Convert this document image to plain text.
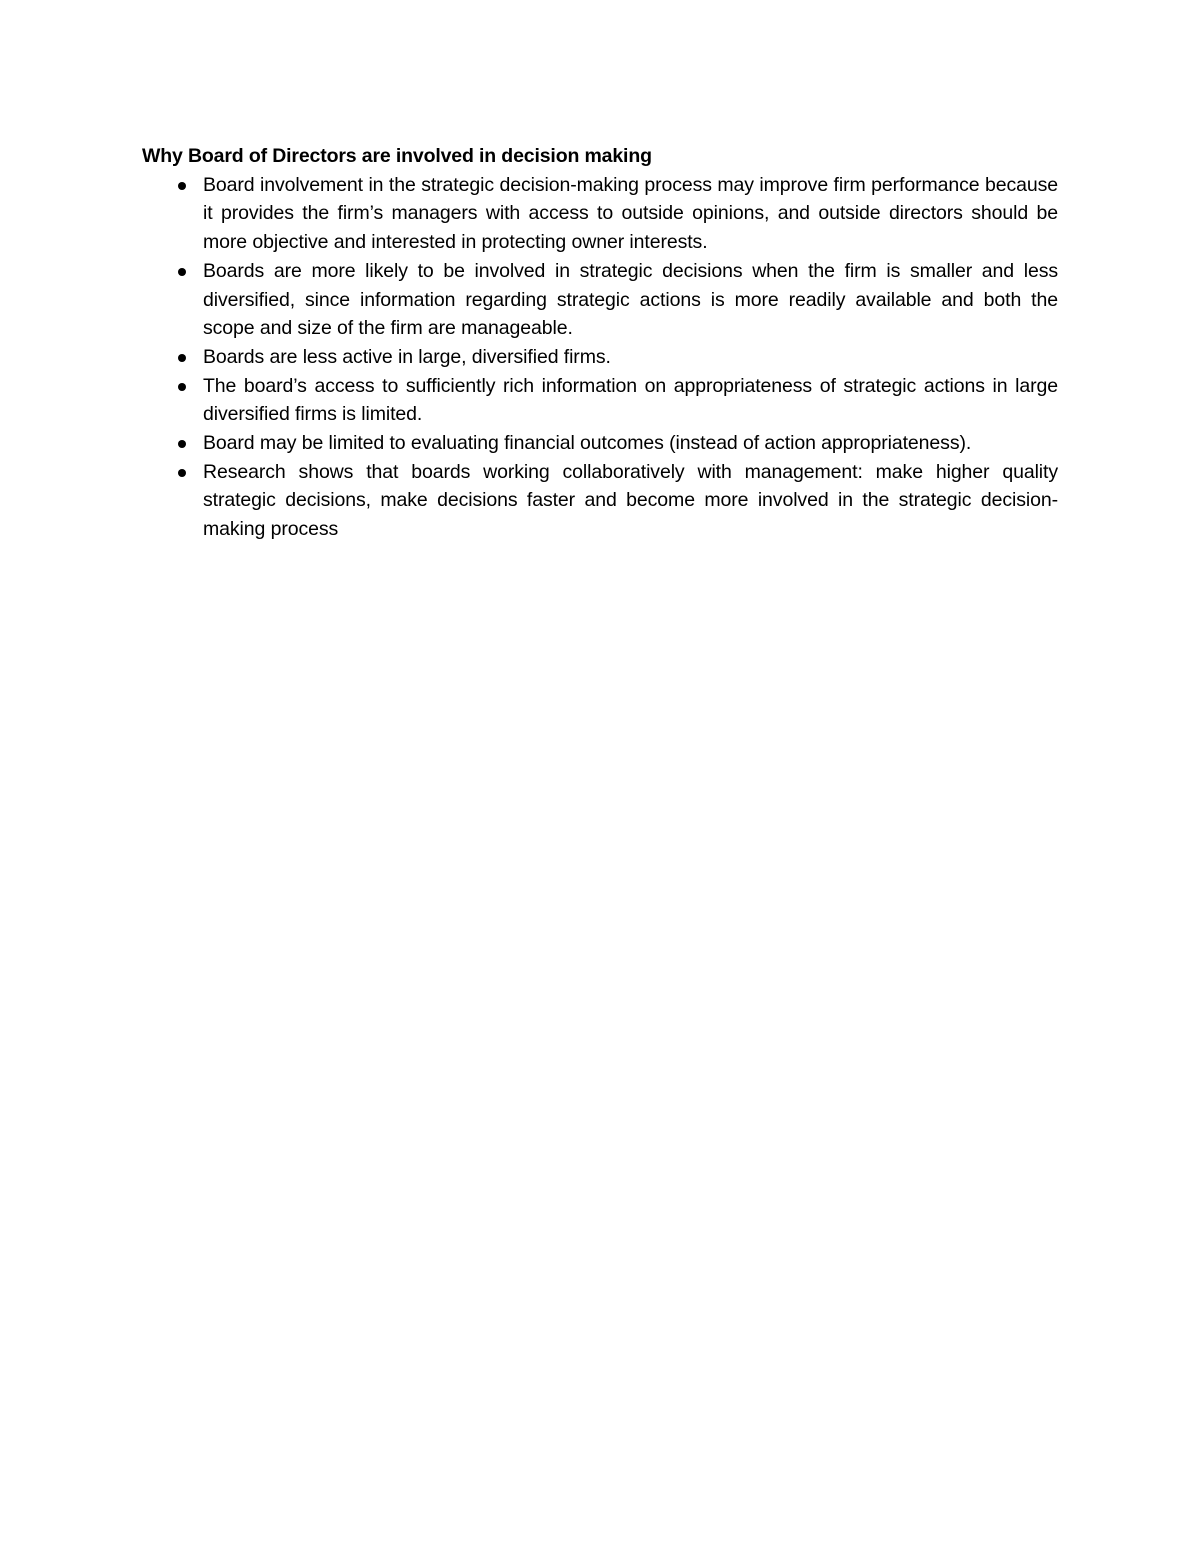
Why Board of Directors are involved in decision making
Board involvement in the strategic decision-making process may improve firm performance because it provides the firm’s managers with access to outside opinions, and outside directors should be more objective and interested in protecting owner interests.
Boards are more likely to be involved in strategic decisions when the firm is smaller and less diversified, since information regarding strategic actions is more readily available and both the scope and size of the firm are manageable.
Boards are less active in large, diversified firms.
The board’s access to sufficiently rich information on appropriateness of strategic actions in large diversified firms is limited.
Board may be limited to evaluating financial outcomes (instead of action appropriateness).
Research shows that boards working collaboratively with management: make higher quality strategic decisions, make decisions faster and become more involved in the strategic decision-making process
